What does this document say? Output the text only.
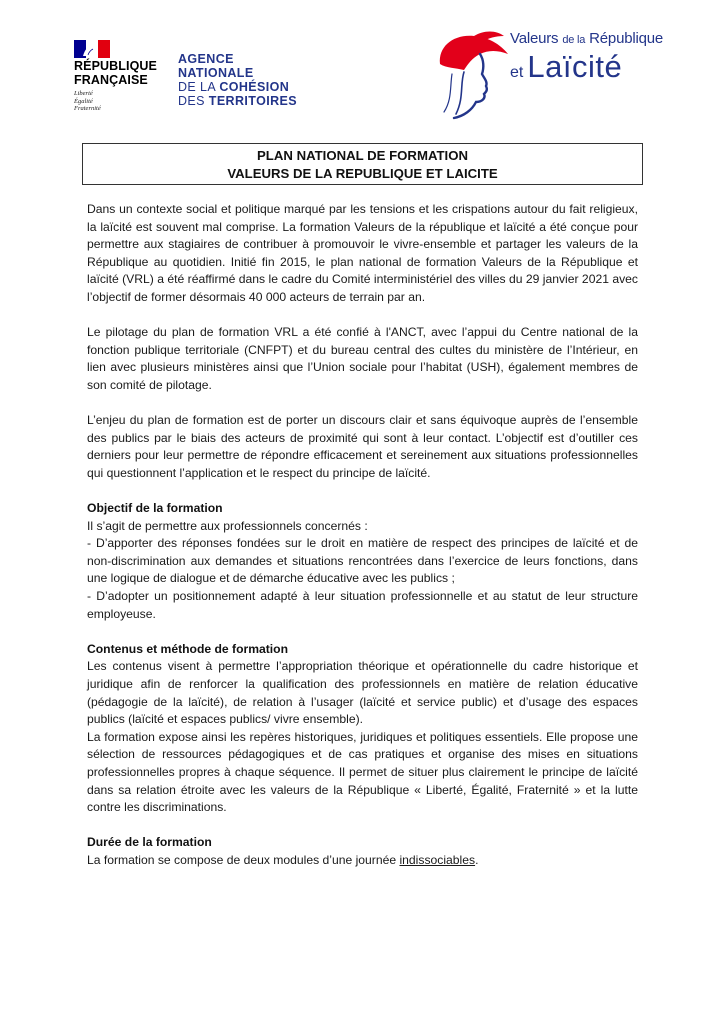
RÉPUBLIQUE
FRANÇAISE
Liberté
Égalité
Fraternité
AGENCE
NATIONALE
DE LA COHÉSION
DES TERRITOIRES
Valeurs de la République
et Laïcité
PLAN NATIONAL DE FORMATION
VALEURS DE LA REPUBLIQUE ET LAICITE

Dans un contexte social et politique marqué par les tensions et les crispations autour du fait religieux, la laïcité est souvent mal comprise. La formation Valeurs de la république et laïcité a été conçue pour permettre aux stagiaires de contribuer à promouvoir le vivre-ensemble et partager les valeurs de la République au quotidien. Initié fin 2015, le plan national de formation Valeurs de la République et laïcité (VRL) a été réaffirmé dans le cadre du Comité interministériel des villes du 29 janvier 2021 avec l’objectif de former désormais 40 000 acteurs de terrain par an.

Le pilotage du plan de formation VRL a été confié à l'ANCT, avec l’appui du Centre national de la fonction publique territoriale (CNFPT) et du bureau central des cultes du ministère de l’Intérieur, en lien avec plusieurs ministères ainsi que l’Union sociale pour l’habitat (USH), également membres de son comité de pilotage.

L’enjeu du plan de formation est de porter un discours clair et sans équivoque auprès de l’ensemble des publics par le biais des acteurs de proximité qui sont à leur contact. L’objectif est d’outiller ces derniers pour leur permettre de répondre efficacement et sereinement aux situations professionnelles qui questionnent l’application et le respect du principe de laïcité.

Objectif de la formation

Il s’agit de permettre aux professionnels concernés :

- D’apporter des réponses fondées sur le droit en matière de respect des principes de laïcité et de non-discrimination aux demandes et situations rencontrées dans l’exercice de leurs fonctions, dans une logique de dialogue et de démarche éducative avec les publics ;

- D’adopter un positionnement adapté à leur situation professionnelle et au statut de leur structure employeuse.

Contenus et méthode de formation

Les contenus visent à permettre l’appropriation théorique et opérationnelle du cadre historique et juridique afin de renforcer la qualification des professionnels en matière de relation éducative (pédagogie de la laïcité), de relation à l’usager (laïcité et service public) et d’usage des espaces publics (laïcité et espaces publics/ vivre ensemble).

La formation expose ainsi les repères historiques, juridiques et politiques essentiels. Elle propose une sélection de ressources pédagogiques et de cas pratiques et organise des mises en situations professionnelles propres à chaque séquence. Il permet de situer plus clairement le principe de laïcité dans sa relation étroite avec les valeurs de la République « Liberté, Égalité, Fraternité » et la lutte contre les discriminations.

Durée de la formation

La formation se compose de deux modules d’une journée indissociables.
